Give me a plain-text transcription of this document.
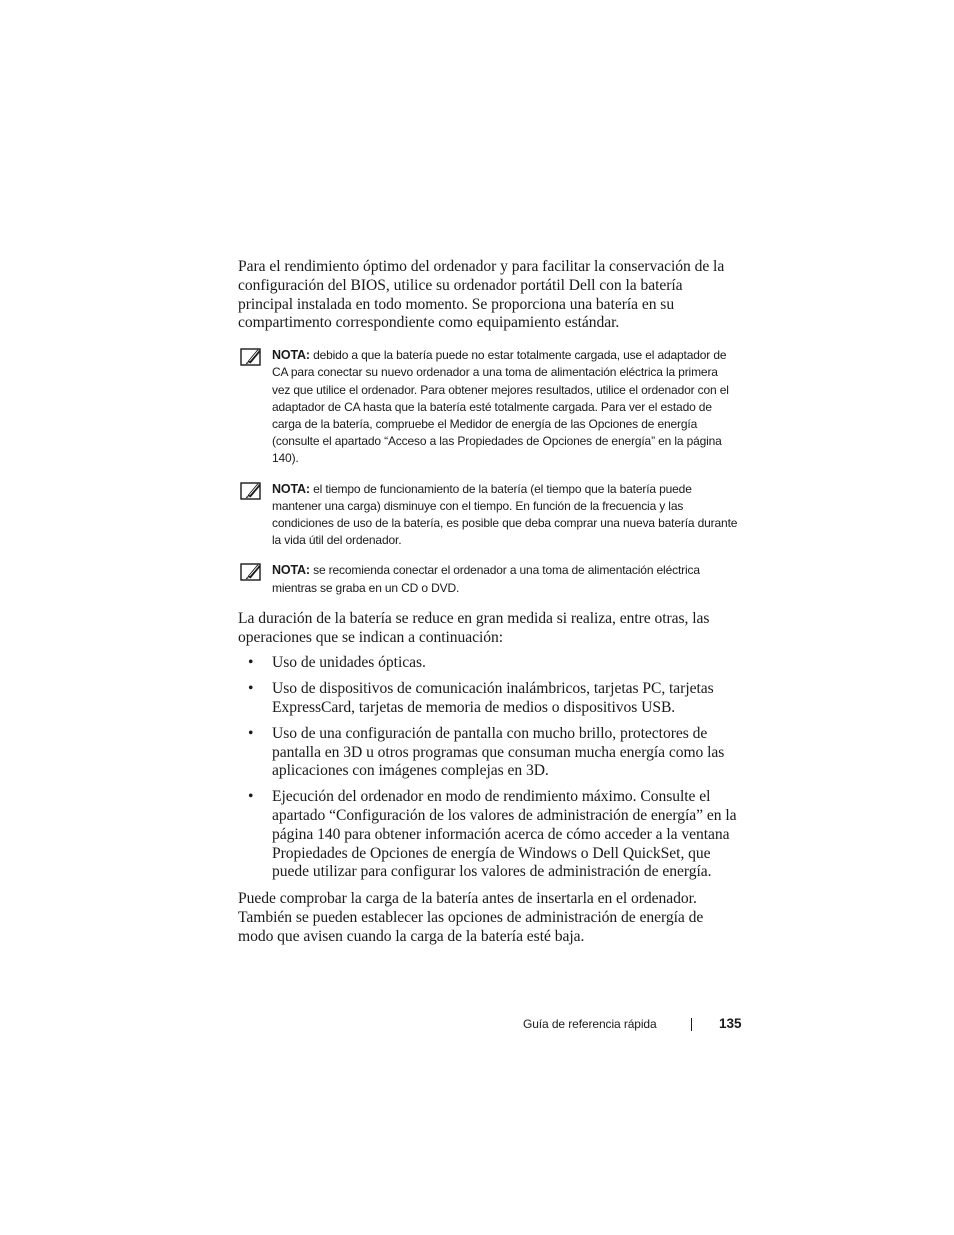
Para el rendimiento óptimo del ordenador y para facilitar la conservación de la configuración del BIOS, utilice su ordenador portátil Dell con la batería principal instalada en todo momento. Se proporciona una batería en su compartimento correspondiente como equipamiento estándar.

NOTA: debido a que la batería puede no estar totalmente cargada, use el adaptador de CA para conectar su nuevo ordenador a una toma de alimentación eléctrica la primera vez que utilice el ordenador. Para obtener mejores resultados, utilice el ordenador con el adaptador de CA hasta que la batería esté totalmente cargada. Para ver el estado de carga de la batería, compruebe el Medidor de energía de las Opciones de energía (consulte el apartado “Acceso a las Propiedades de Opciones de energía” en la página 140).
NOTA: el tiempo de funcionamiento de la batería (el tiempo que la batería puede mantener una carga) disminuye con el tiempo. En función de la frecuencia y las condiciones de uso de la batería, es posible que deba comprar una nueva batería durante la vida útil del ordenador.
NOTA: se recomienda conectar el ordenador a una toma de alimentación eléctrica mientras se graba en un CD o DVD.

La duración de la batería se reduce en gran medida si realiza, entre otras, las operaciones que se indican a continuación:

• Uso de unidades ópticas.
• Uso de dispositivos de comunicación inalámbricos, tarjetas PC, tarjetas ExpressCard, tarjetas de memoria de medios o dispositivos USB.
• Uso de una configuración de pantalla con mucho brillo, protectores de pantalla en 3D u otros programas que consuman mucha energía como las aplicaciones con imágenes complejas en 3D.
• Ejecución del ordenador en modo de rendimiento máximo. Consulte el apartado “Configuración de los valores de administración de energía” en la página 140 para obtener información acerca de cómo acceder a la ventana Propiedades de Opciones de energía de Windows o Dell QuickSet, que puede utilizar para configurar los valores de administración de energía.

Puede comprobar la carga de la batería antes de insertarla en el ordenador. También se pueden establecer las opciones de administración de energía de modo que avisen cuando la carga de la batería esté baja.

Guía de referencia rápida	135
